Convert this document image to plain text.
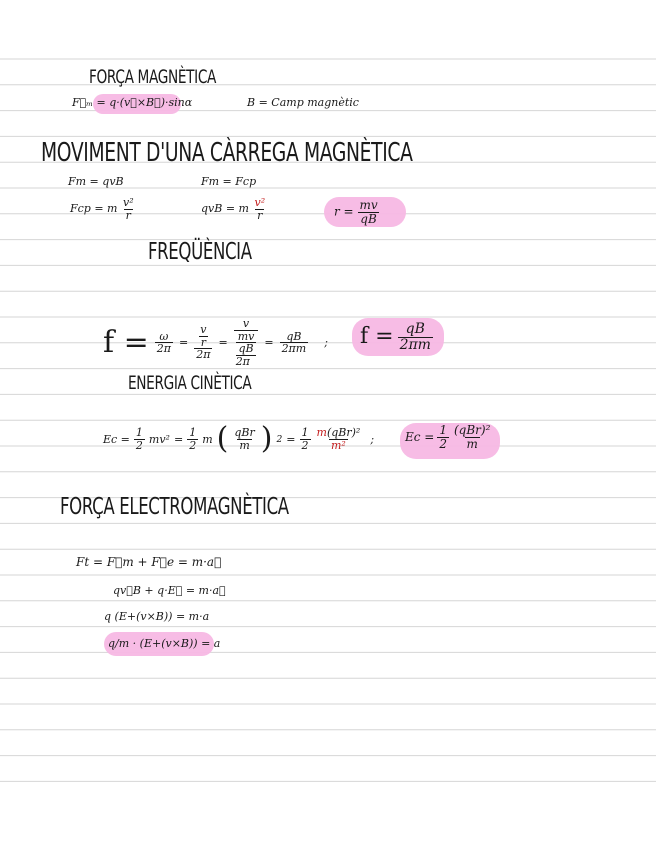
FORÇA MAGNÈTICA
F⃗ₘ = q·(v⃗×B⃗)·sinα	B = Camp magnètic
MOVIMENT D'UNA CÀRREGA MAGNÈTICA
Fm = qvB	Fm = Fcp
Fcp = m $\frac{\text{v²}}{r}$	qvB = m $\frac{\text{v²}}{r}$	$r = \frac{mv}{qB}$
FREQÜÈNCIA
$f = \frac{\omega}{2\pi} = \frac{\frac{v}{r}}{2\pi} = v$
$\frac{mv}{qB}$
$2\pi = \frac{qB}{2\pi m}$ ; $f = \frac{qB}{2\pi m}$
ENERGIA CINÈTICA
$Ec = \frac{1}{2} mv^2 = \frac{1}{2}$ m ( $\frac{\text{qBr}}{m}$ ) $2 = \frac{1}{2} \frac{\text{m(qBr)²}}{\text{m²}}$ ;	$Ec = \frac{1}{2} \frac{\text{(qBr)²}}{m}$
FORÇA ELECTROMAGNÈTICA
Ft = F⃗m + F⃗e = m·a⃗
qv⃗B + q·E⃗ = m·a⃗
q (E+(v×B)) = m·a
q/m · (E+(v×B)) = a
